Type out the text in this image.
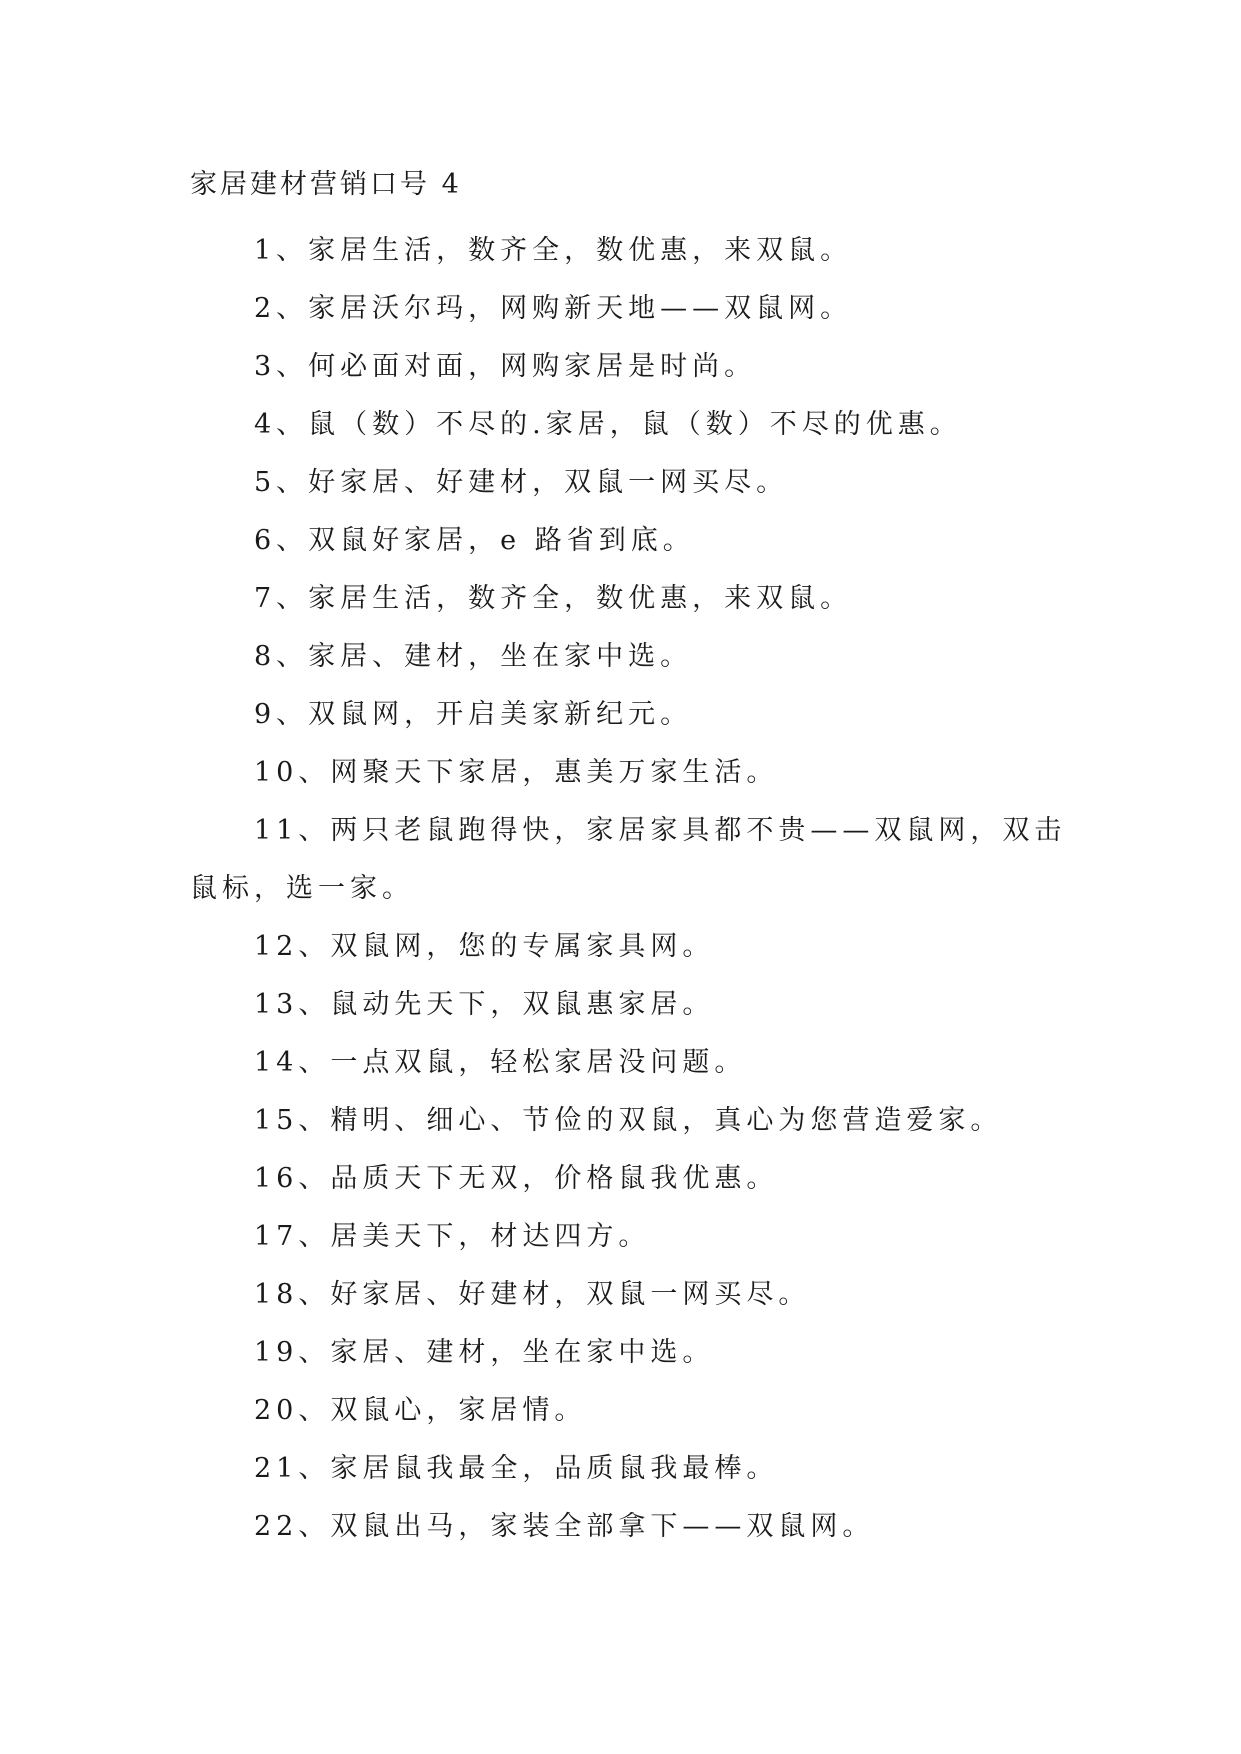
家居建材营销口号 4

1、家居生活，数齐全，数优惠，来双鼠。

2、家居沃尔玛，网购新天地——双鼠网。

3、何必面对面，网购家居是时尚。

4、鼠（数）不尽的.家居，鼠（数）不尽的优惠。

5、好家居、好建材，双鼠一网买尽。

6、双鼠好家居，e 路省到底。

7、家居生活，数齐全，数优惠，来双鼠。

8、家居、建材，坐在家中选。

9、双鼠网，开启美家新纪元。

10、网聚天下家居，惠美万家生活。

11、两只老鼠跑得快，家居家具都不贵——双鼠网，双击鼠标，选一家。

12、双鼠网，您的专属家具网。

13、鼠动先天下，双鼠惠家居。

14、一点双鼠，轻松家居没问题。

15、精明、细心、节俭的双鼠，真心为您营造爱家。

16、品质天下无双，价格鼠我优惠。

17、居美天下，材达四方。

18、好家居、好建材，双鼠一网买尽。

19、家居、建材，坐在家中选。

20、双鼠心，家居情。

21、家居鼠我最全，品质鼠我最棒。

22、双鼠出马，家装全部拿下——双鼠网。
